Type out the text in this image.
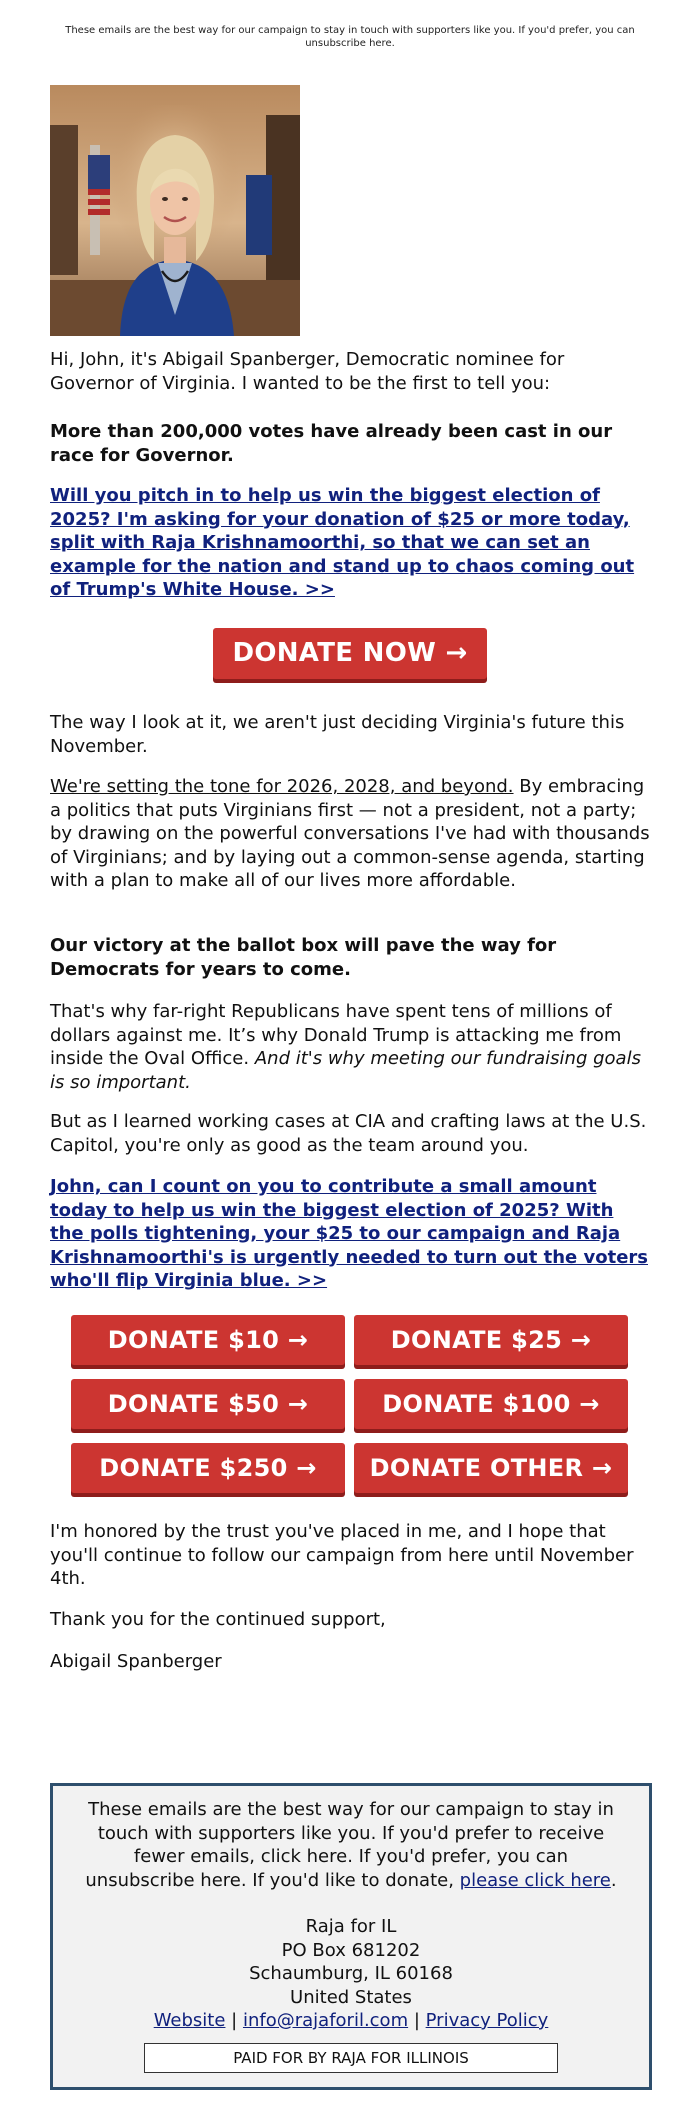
These emails are the best way for our campaign to stay in touch with supporters like you. If you'd prefer, you can unsubscribe here.
Hi, John, it's Abigail Spanberger, Democratic nominee for Governor of Virginia. I wanted to be the first to tell you:
More than 200,000 votes have already been cast in our race for Governor.
Will you pitch in to help us win the biggest election of 2025? I'm asking for your donation of $25 or more today, split with Raja Krishnamoorthi, so that we can set an example for the nation and stand up to chaos coming out of Trump's White House. >>
DONATE NOW →
The way I look at it, we aren't just deciding Virginia's future this November.
We're setting the tone for 2026, 2028, and beyond. By embracing a politics that puts Virginians first — not a president, not a party; by drawing on the powerful conversations I've had with thousands of Virginians; and by laying out a common-sense agenda, starting with a plan to make all of our lives more affordable.
Our victory at the ballot box will pave the way for Democrats for years to come.
That's why far-right Republicans have spent tens of millions of dollars against me. It’s why Donald Trump is attacking me from inside the Oval Office. And it's why meeting our fundraising goals is so important.
But as I learned working cases at CIA and crafting laws at the U.S. Capitol, you're only as good as the team around you.
John, can I count on you to contribute a small amount today to help us win the biggest election of 2025? With the polls tightening, your $25 to our campaign and Raja Krishnamoorthi's is urgently needed to turn out the voters who'll flip Virginia blue. >>
DONATE $10 →	DONATE $25 →
DONATE $50 →	DONATE $100 →
DONATE $250 →	DONATE OTHER →
I'm honored by the trust you've placed in me, and I hope that you'll continue to follow our campaign from here until November 4th.
Thank you for the continued support,
Abigail Spanberger
These emails are the best way for our campaign to stay in touch with supporters like you. If you'd prefer to receive fewer emails, click here. If you'd prefer, you can unsubscribe here. If you'd like to donate, please click here.
Raja for IL
PO Box 681202
Schaumburg, IL 60168
United States
Website | info@rajaforil.com | Privacy Policy
PAID FOR BY RAJA FOR ILLINOIS
